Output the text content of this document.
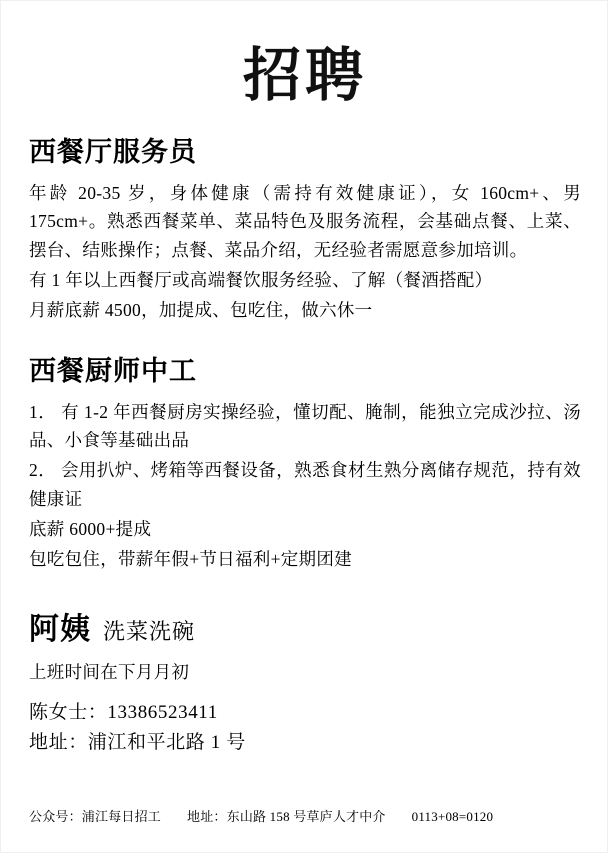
招聘
西餐厅服务员

年龄 20-35 岁，身体健康（需持有效健康证），女 160cm+、男 175cm+。熟悉西餐菜单、菜品特色及服务流程，会基础点餐、上菜、摆台、结账操作；点餐、菜品介绍，无经验者需愿意参加培训。

有 1 年以上西餐厅或高端餐饮服务经验、了解（餐酒搭配）

月薪底薪 4500，加提成、包吃住，做六休一

西餐厨师中工

1． 有 1-2 年西餐厨房实操经验，懂切配、腌制，能独立完成沙拉、汤品、小食等基础出品

2． 会用扒炉、烤箱等西餐设备，熟悉食材生熟分离储存规范，持有效健康证

底薪 6000+提成

包吃包住，带薪年假+节日福利+定期团建

阿姨 洗菜洗碗

上班时间在下月月初

陈女士：13386523411

地址：浦江和平北路 1 号

公众号：浦江每日招工 地址：东山路 158 号草庐人才中介 0113+08=0120
